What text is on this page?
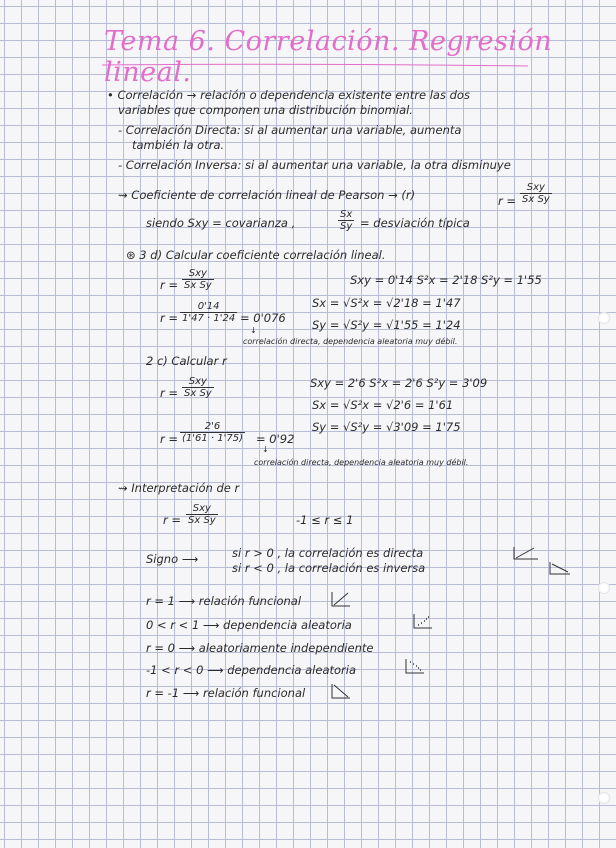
Tema 6. Correlación. Regresión lineal.
• Correlación → relación o dependencia existente entre las dos
variables que componen una distribución binomial.
- Correlación Directa: si al aumentar una variable, aumenta
también la otra.
- Correlación Inversa: si al aumentar una variable, la otra disminuye
⇝ Coeficiente de correlación lineal de Pearson → (r)	r =
Sxy
Sx Sy
siendo Sxy = covarianza ,	$\frac{Sx}{Sy}$ = desviación típica
⊛ 3 d) Calcular coeficiente correlación lineal.
r =
Sxy
Sx Sy	Sxy = 0'14 S²x = 2'18 S²y = 1'55
Sx = √S²x = √2'18 = 1'47
$r = \frac{0'14}{1'47 \cdot 1'24} = 0'076$ Sy = √S²y = √1'55 = 1'24
↓
correlación directa, dependencia aleatoria muy débil.
2 c) Calcular r
r =
Sxy
Sx Sy
Sxy = 2'6 S²x = 2'6 S²y = 3'09
Sx = √S²x = √2'6 = 1'61
Sy = √S²y = √3'09 = 1'75
$r = \frac{2'6}{(1'61 \cdot 1'75)} = 0'92$
↓
correlación directa, dependencia aleatoria muy débil.
⇝ Interpretación de r
r =
Sxy
Sx Sy	-1 ≤ r ≤ 1
Signo ⟶	si r > 0 , la correlación es directa
si r < 0 , la correlación es inversa
r = 1 ⟶ relación funcional
0 < r < 1 ⟶ dependencia aleatoria
r = 0 ⟶ aleatoriamente independiente
-1 < r < 0 ⟶ dependencia aleatoria
r = -1 ⟶ relación funcional
